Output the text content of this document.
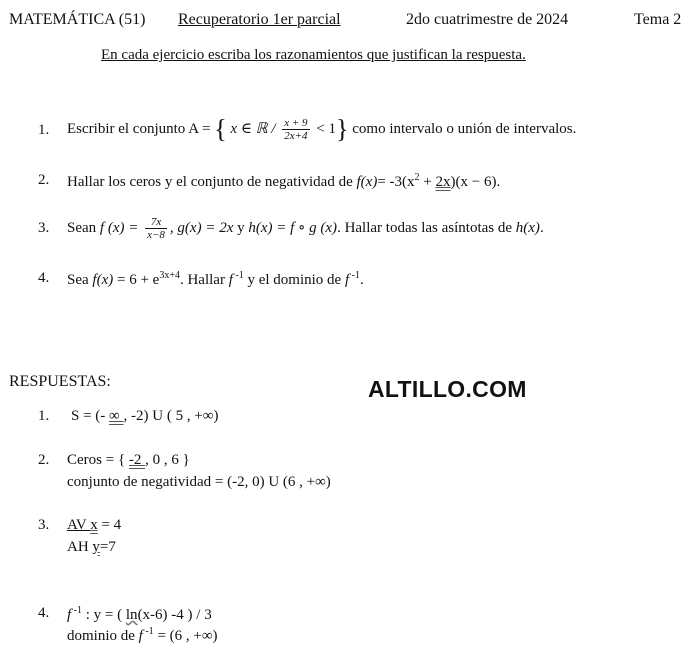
MATEMÁTICA (51) Recuperatorio 1er parcial	2do cuatrimestre de 2024	Tema 2
En cada ejercicio escriba los razonamientos que justifican la respuesta.
1. Escribir el conjunto A = { x ∈ ℝ / $\frac{x + 9}{2x+4} < 1$} como intervalo o unión de intervalos.
2. Hallar los ceros y el conjunto de negatividad de $f(x)= -3(x^2 + 2x)(x - 6)$.
3. Sean f $(x) = \frac{7x}{x-8}$ , g(x) = 2x y h(x) = f ∘ g (x). Hallar todas las asíntotas de h(x).
4. Sea $f(x) = 6 + e^{3x+4}$. Hallar f $^{-1}$ y el dominio de f $^{-1}$.
RESPUESTAS:	ALTILLO.COM
1. S = (- ∞ , -2) U ( 5 , +∞)
2. Ceros = { -2 , 0 , 6 }
conjunto de negatividad = (-2, 0) U (6 , +∞)
3. AV x = 4
AH y=7
4. f $^{-1}$ : y = ( ln(x-6) -4 ) / 3
dominio de f $^{-1}$ = (6 , +∞)
